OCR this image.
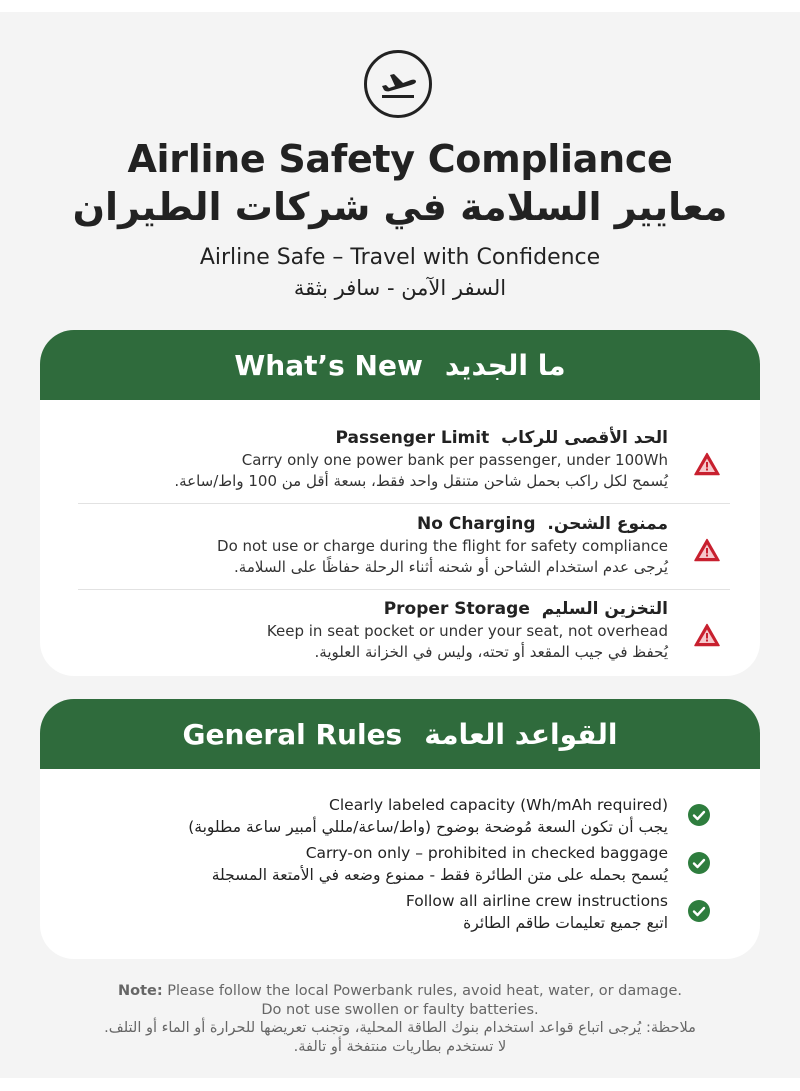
Airline Safety Compliance
معايير السلامة في شركات الطيران
Airline Safe – Travel with Confidence
السفر الآمن - سافر بثقة
What’s New ما الجديد
Passenger Limit الحد الأقصى للركاب
Carry only one power bank per passenger, under 100Wh
يُسمح لكل راكب بحمل شاحن متنقل واحد فقط، بسعة أقل من 100 واط/ساعة.
No Charging .ممنوع الشحن
Do not use or charge during the flight for safety compliance
يُرجى عدم استخدام الشاحن أو شحنه أثناء الرحلة حفاظًا على السلامة.
Proper Storage التخزين السليم
Keep in seat pocket or under your seat, not overhead
يُحفظ في جيب المقعد أو تحته، وليس في الخزانة العلوية.
General Rules القواعد العامة
Clearly labeled capacity (Wh/mAh required)
يجب أن تكون السعة مُوضحة بوضوح (واط/ساعة/مللي أمبير ساعة مطلوبة)
Carry-on only – prohibited in checked baggage
يُسمح بحمله على متن الطائرة فقط - ممنوع وضعه في الأمتعة المسجلة
Follow all airline crew instructions
اتبع جميع تعليمات طاقم الطائرة
Note: Please follow the local Powerbank rules, avoid heat, water, or damage.
Do not use swollen or faulty batteries.
ملاحظة: يُرجى اتباع قواعد استخدام بنوك الطاقة المحلية، وتجنب تعريضها للحرارة أو الماء أو التلف.
لا تستخدم بطاريات منتفخة أو تالفة.
